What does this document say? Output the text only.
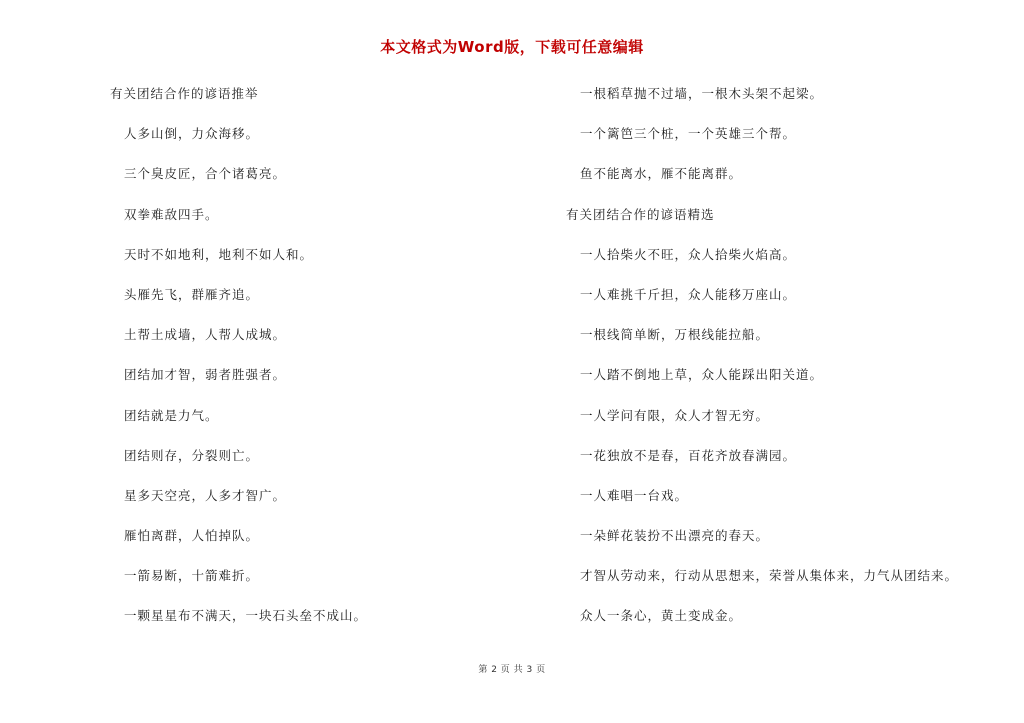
本文格式为Word版，下载可任意编辑
有关团结合作的谚语推举
人多山倒，力众海移。
三个臭皮匠，合个诸葛亮。
双拳难敌四手。
天时不如地利，地利不如人和。
头雁先飞，群雁齐追。
土帮土成墙，人帮人成城。
团结加才智，弱者胜强者。
团结就是力气。
团结则存，分裂则亡。
星多天空亮，人多才智广。
雁怕离群，人怕掉队。
一箭易断，十箭难折。
一颗星星布不满天，一块石头垒不成山。
一根稻草抛不过墙，一根木头架不起梁。
一个篱笆三个桩，一个英雄三个帮。
鱼不能离水，雁不能离群。
有关团结合作的谚语精选
一人拾柴火不旺，众人拾柴火焰高。
一人难挑千斤担，众人能移万座山。
一根线简单断，万根线能拉船。
一人踏不倒地上草，众人能踩出阳关道。
一人学问有限，众人才智无穷。
一花独放不是春，百花齐放春满园。
一人难唱一台戏。
一朵鲜花装扮不出漂亮的春天。
才智从劳动来，行动从思想来，荣誉从集体来，力气从团结来。
众人一条心，黄土变成金。
第 2 页 共 3 页
